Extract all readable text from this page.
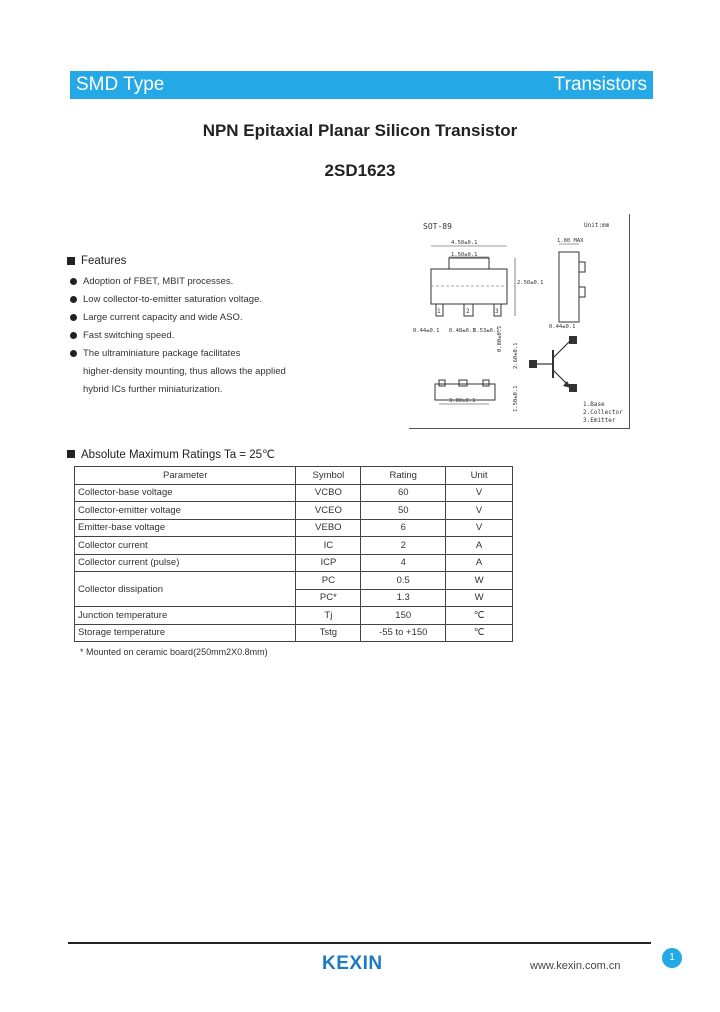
SMD Type	Transistors
NPN Epitaxial Planar Silicon Transistor
2SD1623
Features
Adoption of FBET, MBIT processes.
Low collector-to-emitter saturation voltage.
Large current capacity and wide ASO.
Fast switching speed.
The ultraminiature package facilitates
higher-density mounting, thus allows the applied
hybrid ICs further miniaturization.
SOT-89	Unit:mm
1	2	3
4.50±0.1
1.50±0.1
2.50±0.1
0.44±0.1 0.48±0.1
0.53±0.1
0.80±0.1
1.80 MAX
0.44±0.1
3.00±0.1
2.60±0.1
1.50±0.1	1.Base
2.Collector
3.Emitter
Absolute Maximum Ratings Ta = 25℃
Parameter	Symbol	Rating	Unit
Collector-base voltage	VCBO	60	V
Collector-emitter voltage	VCEO	50	V
Emitter-base voltage	VEBO	6	V
Collector current	IC	2	A
Collector current (pulse)	ICP	4	A
Collector dissipation	PC	0.5	W
	PC*	1.3	W
Junction temperature	Tj	150	℃
Storage temperature	Tstg	-55 to +150	℃
* Mounted on ceramic board(250mm2X0.8mm)
KEXIN	www.kexin.com.cn
1
